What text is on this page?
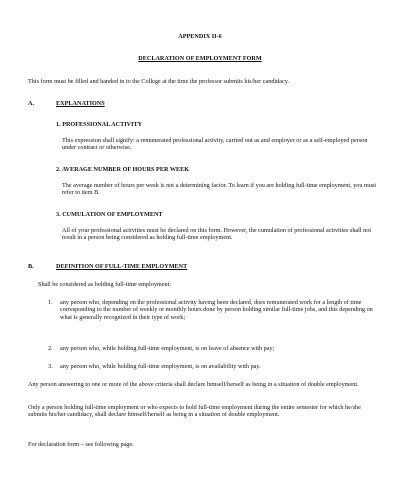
APPENDIX II-6
DECLARATION OF EMPLOYMENT FORM

This form must be filled and handed in to the College at the time the professor submits his/her candidacy.

A.	EXPLANATIONS
1. PROFESSIONAL ACTIVITY

This expression shall signify: a remunerated professional activity, carried out as and employer or as a self-employed person under contract or otherwise.

2. AVERAGE NUMBER OF HOURS PER WEEK

The average number of hours per week is not a determining factor. To learn if you are holding full-time employment, you must refer to item B.

3. CUMULATION OF EMPLOYMENT

All of your professional activities must be declared on this form. However, the cumulation of professional activities shall not result in a person being considered as holding full-time employment.

B.	DEFINITION OF FULL-TIME EMPLOYMENT

Shall be considered as holding full-time employment:

1. any person who, depending on the professional activity having been declared, does remunerated work for a length of time corresponding to the number of weekly or monthly hours done by person holding similar full-time jobs, and this depending on what is generally recognized in their type of work;

2. any person who, while holding full-time employment, is on leave of absence with pay;

3. any person who, while holding full-time employment, is on availability with pay.

Any person answering to one or more of the above criteria shall declare himself/herself as being in a situation of double employment.

Only a person holding full-time employment or who expects to hold full-time employment during the entire semester for which he/she submits his/her candidacy, shall declare himself/herself as being in a situation of double employment.

For declaration form – see following page.
